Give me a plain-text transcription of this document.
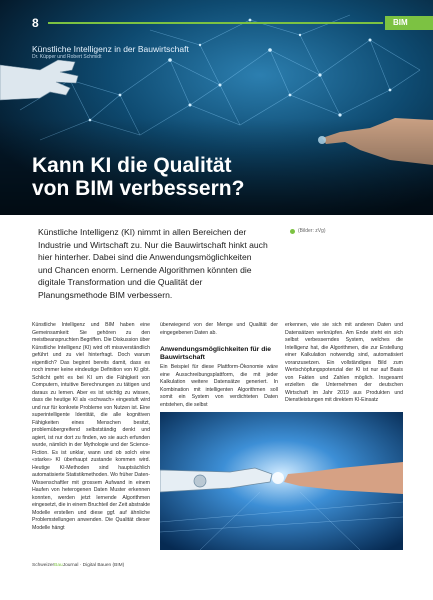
8	BIM
Künstliche Intelligenz in der Bauwirtschaft
Dr. Küpper und Robert Schmidt
Kann KI die Qualität
von BIM verbessern?

Künstliche Intelligenz (KI) nimmt in allen Bereichen der Industrie und Wirtschaft zu. Nur die Bauwirtschaft hinkt auch hier hinterher. Dabei sind die Anwendungsmöglichkeiten und Chancen enorm. Lernende Algorithmen könnten die digitale Transformation und die Qualität der Planungsmethode BIM verbessern.

(Bilder: zVg)

Künstliche Intelligenz und BIM haben eine Gemeinsamkeit: Sie gehören zu den meistbeanspruchten Begriffen. Die Diskussion über Künstliche Intelligenz (KI) wird oft missverständlich geführt und zu viel hinterfragt. Doch warum eigentlich? Das beginnt bereits damit, dass es noch immer keine eindeutige Definition von KI gibt. Schlicht geht es bei KI um die Fähigkeit von Computern, intuitive Berechnungen zu tätigen und daraus zu lernen. Aber es ist wichtig zu wissen, dass die heutige KI als «schwach» eingestuft wird und nur für konkrete Probleme von Nutzen ist. Eine superintelligente Identität, die alle kognitiven Fähigkeiten eines Menschen besitzt, problemübergreifend selbstständig denkt und agiert, ist nur dort zu finden, wo sie auch erfunden wurde, nämlich in der Mythologie und der Science-Fiction. Es ist unklar, wann und ob solch eine «starke» KI überhaupt zustande kommen wird. Heutige KI-Methoden sind hauptsächlich automatisierte Statistikmethoden. Wo früher Daten-Wissenschaftler mit grossem Aufwand in einem Haufen von heterogenen Daten Muster erkennen konnten, werden jetzt lernende Algorithmen eingesetzt, die in einem Bruchteil der Zeit abstrakte Modelle erstellen und diese ggf. auf ähnliche Problemstellungen anwenden. Die Qualität dieser Modelle hängt

überwiegend von der Menge und Qualität der eingegebenen Daten ab.

Anwendungsmöglichkeiten für die Bauwirtschaft

Ein Beispiel für diese Plattform-Ökonomie wäre eine Ausschreibungsplattform, die mit jeder Kalkulation weitere Datensätze generiert. In Kombination mit intelligenten Algorithmen soll somit ein System von verdichteten Daten entstehen, die selbst

erkennen, wie sie sich mit anderen Daten und Datensätzen verknüpfen. Am Ende steht ein sich selbst verbesserndes System, welches die Intelligenz hat, die Algorithmen, die zur Erstellung einer Kalkulation notwendig sind, automatisiert voranzusetzen. Ein vollständiges Bild zum Wertschöpfungspotenzial der KI ist nur auf Basis von Fakten und Zahlen möglich. Insgesamt erzielten die Unternehmen der deutschen Wirtschaft im Jahr 2019 aus Produkten und Dienstleistungen mit direktem KI-Einsatz

SchweizerBauJournal · Digital Bauen (BIM)
